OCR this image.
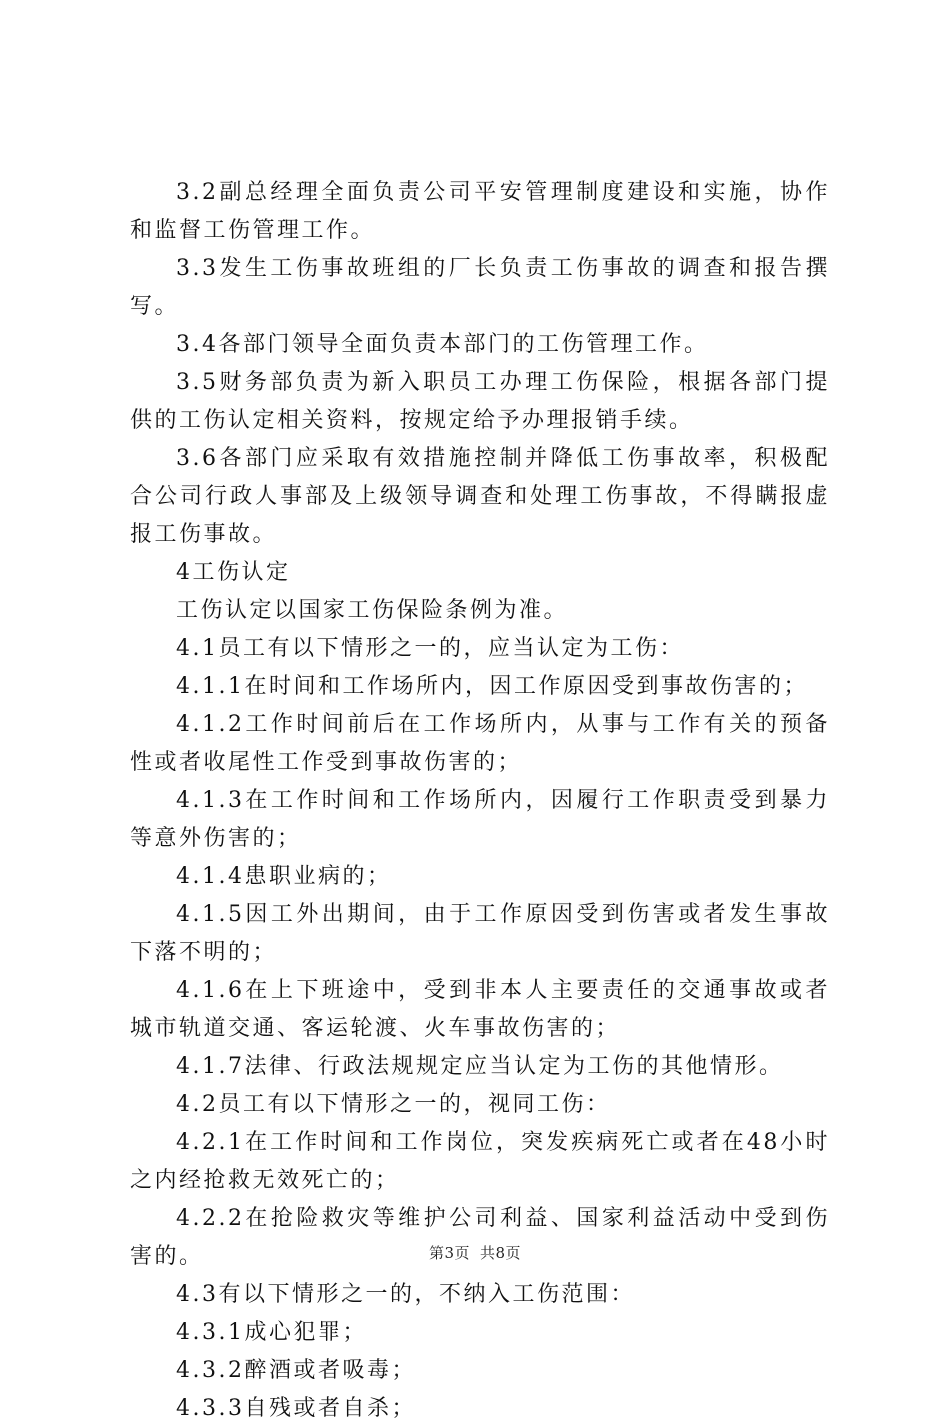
3.2副总经理全面负责公司平安管理制度建设和实施，协作和监督工伤管理工作。

3.3发生工伤事故班组的厂长负责工伤事故的调查和报告撰写。

3.4各部门领导全面负责本部门的工伤管理工作。

3.5财务部负责为新入职员工办理工伤保险，根据各部门提供的工伤认定相关资料，按规定给予办理报销手续。

3.6各部门应采取有效措施控制并降低工伤事故率，积极配合公司行政人事部及上级领导调查和处理工伤事故，不得瞒报虚报工伤事故。

4工伤认定

工伤认定以国家工伤保险条例为准。

4.1员工有以下情形之一的，应当认定为工伤：

4.1.1在时间和工作场所内，因工作原因受到事故伤害的；

4.1.2工作时间前后在工作场所内，从事与工作有关的预备性或者收尾性工作受到事故伤害的；

4.1.3在工作时间和工作场所内，因履行工作职责受到暴力等意外伤害的；

4.1.4患职业病的；

4.1.5因工外出期间，由于工作原因受到伤害或者发生事故下落不明的；

4.1.6在上下班途中，受到非本人主要责任的交通事故或者城市轨道交通、客运轮渡、火车事故伤害的；

4.1.7法律、行政法规规定应当认定为工伤的其他情形。

4.2员工有以下情形之一的，视同工伤：

4.2.1在工作时间和工作岗位，突发疾病死亡或者在48小时之内经抢救无效死亡的；

4.2.2在抢险救灾等维护公司利益、国家利益活动中受到伤害的。

4.3有以下情形之一的，不纳入工伤范围：

4.3.1成心犯罪；

4.3.2醉酒或者吸毒；

4.3.3自残或者自杀；

第3页 共8页
